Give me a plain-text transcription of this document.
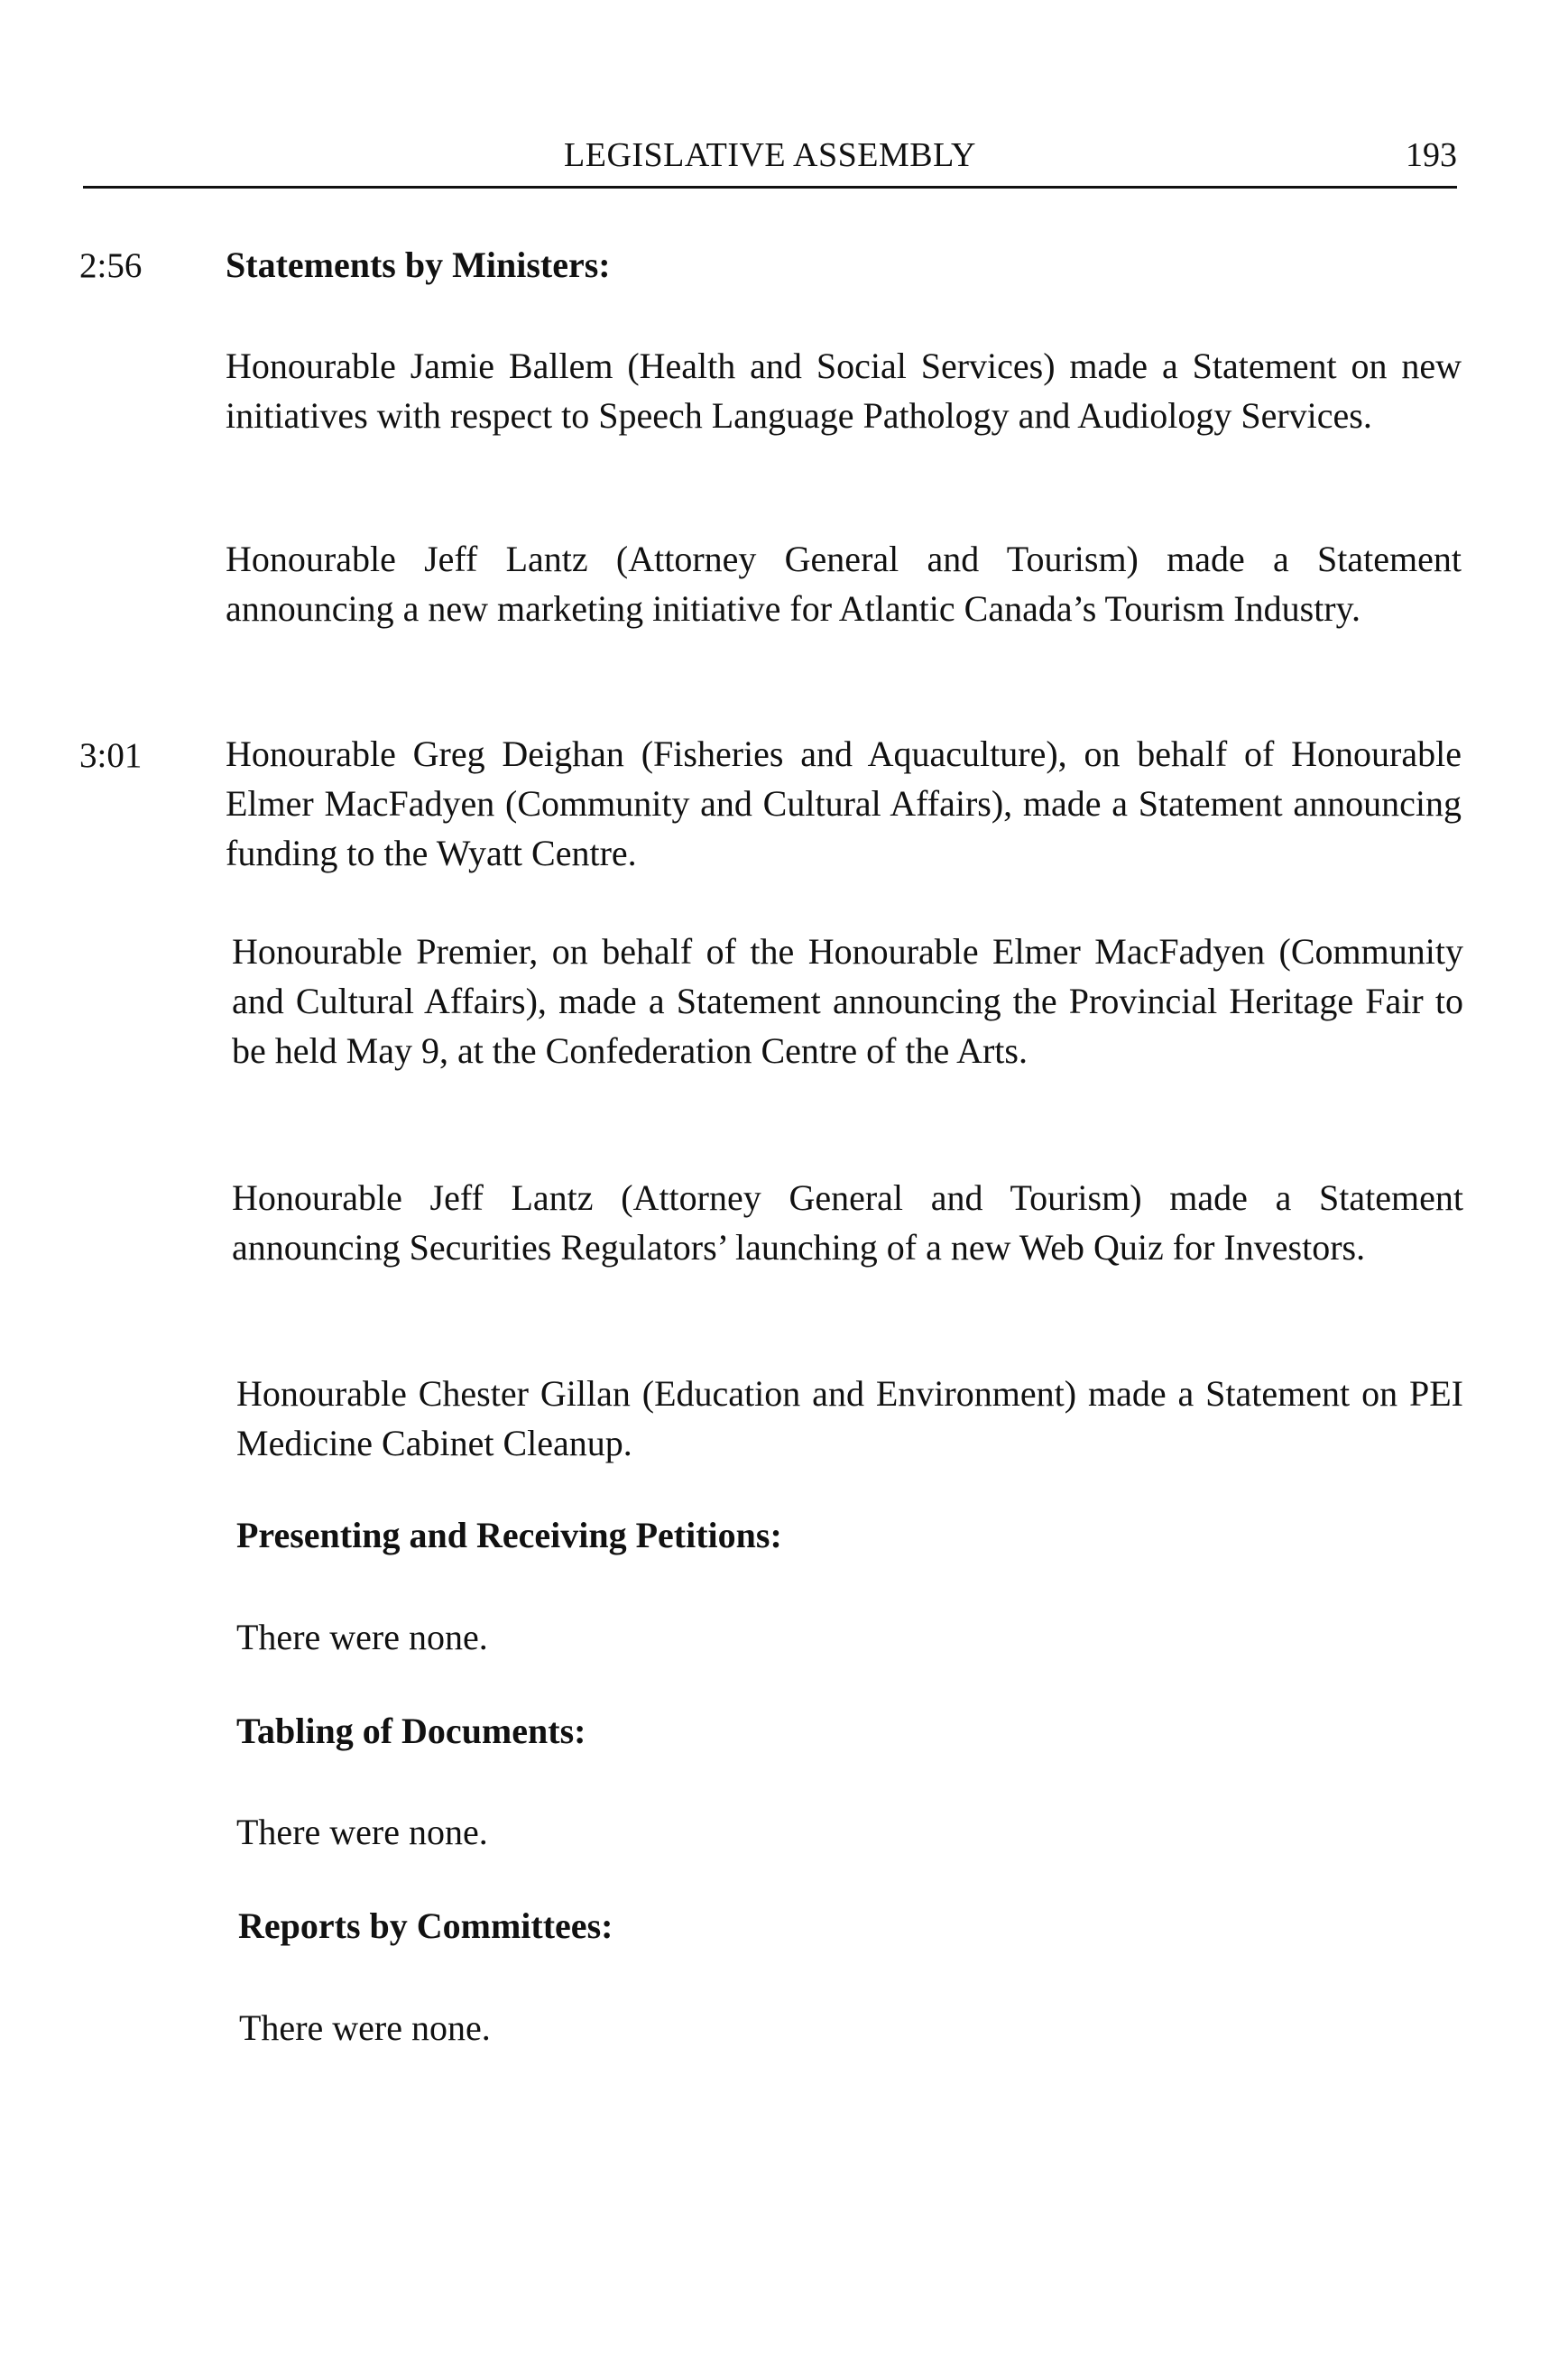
LEGISLATIVE ASSEMBLY	193
2:56 Statements by Ministers:
Honourable Jamie Ballem (Health and Social Services) made a Statement on new initiatives with respect to Speech Language Pathology and Audiology Services.
Honourable Jeff Lantz (Attorney General and Tourism) made a Statement announcing a new marketing initiative for Atlantic Canada’s Tourism Industry.
3:01 Honourable Greg Deighan (Fisheries and Aquaculture), on behalf of Honourable Elmer MacFadyen (Community and Cultural Affairs), made a Statement announcing funding to the Wyatt Centre.
Honourable Premier, on behalf of the Honourable Elmer MacFadyen (Community and Cultural Affairs), made a Statement announcing the Provincial Heritage Fair to be held May 9, at the Confederation Centre of the Arts.
Honourable Jeff Lantz (Attorney General and Tourism) made a Statement announcing Securities Regulators’ launching of a new Web Quiz for Investors.
Honourable Chester Gillan (Education and Environment) made a Statement on PEI Medicine Cabinet Cleanup.
Presenting and Receiving Petitions:
There were none.
Tabling of Documents:
There were none.
Reports by Committees:
There were none.
